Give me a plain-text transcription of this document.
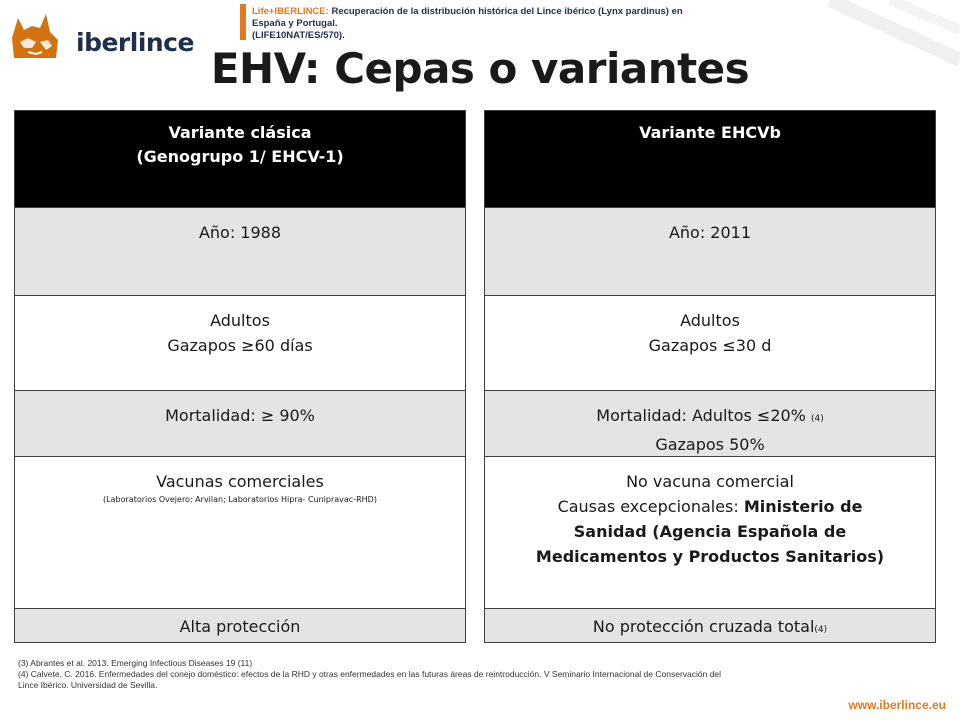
iberlince
Life+IBERLINCE: Recuperación de la distribución histórica del Lince ibérico (Lynx pardinus) en España y Portugal.
(LIFE10NAT/ES/570).
EHV: Cepas o variantes
Variante clásica
(Genogrupo 1/ EHCV-1)
Año: 1988
Adultos
Gazapos ≥60 días
Mortalidad: ≥ 90%
Vacunas comerciales
(Laboratorios Ovejero: Arvilan; Laboratorios Hipra- Cunipravac-RHD)
Alta protección
Variante EHCVb
Año: 2011
Adultos
Gazapos ≤30 d
Mortalidad: Adultos ≤20% (4)
Gazapos 50%
No vacuna comercial
Causas excepcionales: Ministerio de
Sanidad (Agencia Española de
Medicamentos y Productos Sanitarios)
No protección cruzada total(4)
(3) Abrantes et al. 2013. Emerging Infectious Diseases 19 (11)
(4) Calvete, C. 2016. Enfermedades del conejo doméstico: efectos de la RHD y otras enfermedades en las futuras áreas de reintroducción. V Seminario Internacional de Conservación del
Lince Ibérico. Universidad de Sevilla.
www.iberlince.eu
